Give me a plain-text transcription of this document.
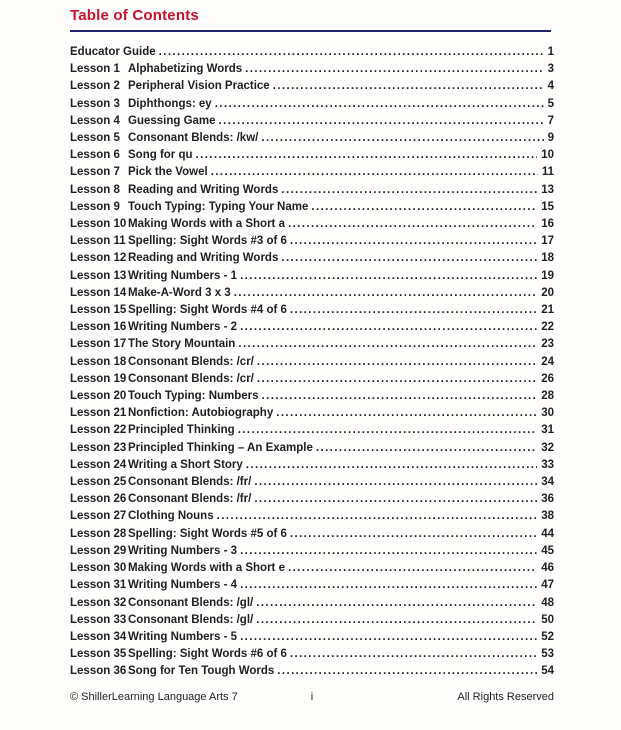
Table of Contents
Educator Guide .....	1
Lesson 1 Alphabetizing Words .....	3
Lesson 2 Peripheral Vision Practice .....	4
Lesson 3 Diphthongs: ey .....	5
Lesson 4 Guessing Game .....	7
Lesson 5 Consonant Blends: /kw/ .....	9
Lesson 6 Song for qu .....	10
Lesson 7 Pick the Vowel .....	11
Lesson 8 Reading and Writing Words .....	13
Lesson 9 Touch Typing: Typing Your Name .....	15
Lesson 10 Making Words with a Short a .....	16
Lesson 11 Spelling: Sight Words #3 of 6 .....	17
Lesson 12 Reading and Writing Words .....	18
Lesson 13 Writing Numbers - 1 .....	19
Lesson 14 Make-A-Word 3 x 3 .....	20
Lesson 15 Spelling: Sight Words #4 of 6 .....	21
Lesson 16 Writing Numbers - 2 .....	22
Lesson 17 The Story Mountain .....	23
Lesson 18 Consonant Blends: /cr/ .....	24
Lesson 19 Consonant Blends: /cr/ .....	26
Lesson 20 Touch Typing: Numbers .....	28
Lesson 21 Nonfiction: Autobiography .....	30
Lesson 22 Principled Thinking .....	31
Lesson 23 Principled Thinking – An Example .....	32
Lesson 24 Writing a Short Story .....	33
Lesson 25 Consonant Blends: /fr/ .....	34
Lesson 26 Consonant Blends: /fr/ .....	36
Lesson 27 Clothing Nouns .....	38
Lesson 28 Spelling: Sight Words #5 of 6 .....	44
Lesson 29 Writing Numbers - 3 .....	45
Lesson 30 Making Words with a Short e .....	46
Lesson 31 Writing Numbers - 4 .....	47
Lesson 32 Consonant Blends: /gl/ .....	48
Lesson 33 Consonant Blends: /gl/ .....	50
Lesson 34 Writing Numbers - 5 .....	52
Lesson 35 Spelling: Sight Words #6 of 6 .....	53
Lesson 36 Song for Ten Tough Words .....	54
© ShillerLearning Language Arts 7	i	All Rights Reserved
